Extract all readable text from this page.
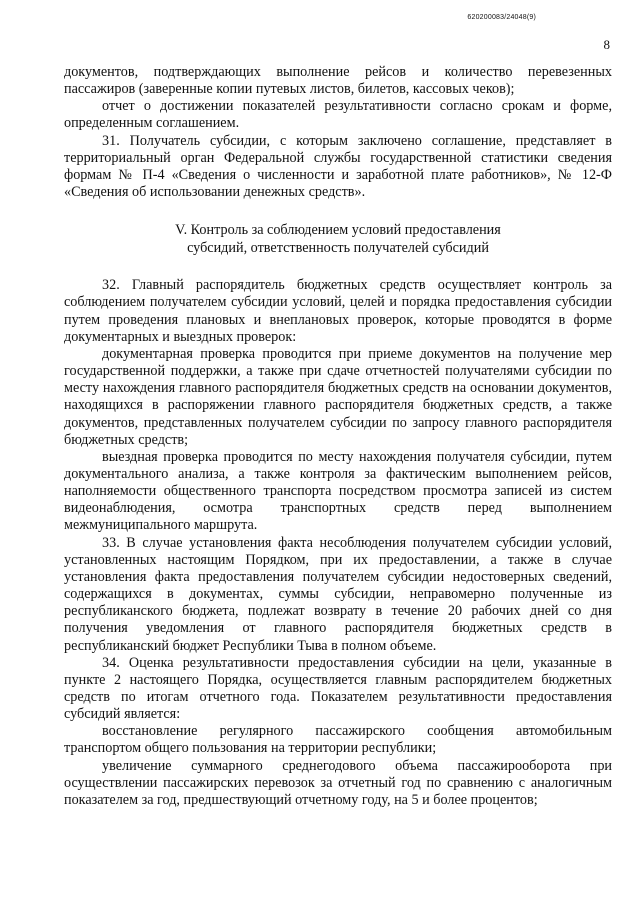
620200083/24048(9)
8

документов, подтверждающих выполнение рейсов и количество перевезенных пассажиров (заверенные копии путевых листов, билетов, кассовых чеков);

отчет о достижении показателей результативности согласно срокам и форме, определенным соглашением.

31. Получатель субсидии, с которым заключено соглашение, представляет в территориальный орган Федеральной службы государственной статистики сведения формам № П-4 «Сведения о численности и заработной плате работников», № 12-Ф «Сведения об использовании денежных средств».

V. Контроль за соблюдением условий предоставления
субсидий, ответственность получателей субсидий

32. Главный распорядитель бюджетных средств осуществляет контроль за соблюдением получателем субсидии условий, целей и порядка предоставления субсидии путем проведения плановых и внеплановых проверок, которые проводятся в форме документарных и выездных проверок:

документарная проверка проводится при приеме документов на получение мер государственной поддержки, а также при сдаче отчетностей получателями субсидии по месту нахождения главного распорядителя бюджетных средств на основании документов, находящихся в распоряжении главного распорядителя бюджетных средств, а также документов, представленных получателем субсидии по запросу главного распорядителя бюджетных средств;

выездная проверка проводится по месту нахождения получателя субсидии, путем документального анализа, а также контроля за фактическим выполнением рейсов, наполняемости общественного транспорта посредством просмотра записей из систем видеонаблюдения, осмотра транспортных средств перед выполнением межмуниципального маршрута.

33. В случае установления факта несоблюдения получателем субсидии условий, установленных настоящим Порядком, при их предоставлении, а также в случае установления факта предоставления получателем субсидии недостоверных сведений, содержащихся в документах, суммы субсидии, неправомерно полученные из республиканского бюджета, подлежат возврату в течение 20 рабочих дней со дня получения уведомления от главного распорядителя бюджетных средств в республиканский бюджет Республики Тыва в полном объеме.

34. Оценка результативности предоставления субсидии на цели, указанные в пункте 2 настоящего Порядка, осуществляется главным распорядителем бюджетных средств по итогам отчетного года. Показателем результативности предоставления субсидий является:

восстановление регулярного пассажирского сообщения автомобильным транспортом общего пользования на территории республики;

увеличение суммарного среднегодового объема пассажирооборота при осуществлении пассажирских перевозок за отчетный год по сравнению с аналогичным показателем за год, предшествующий отчетному году, на 5 и более процентов;
